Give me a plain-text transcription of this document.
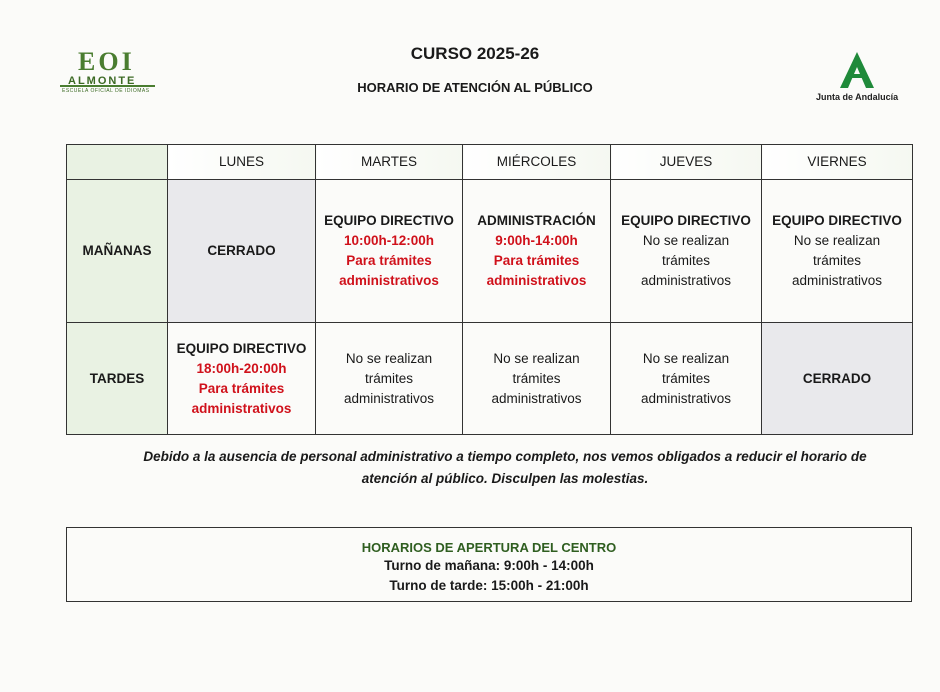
EOI
ALMONTE
ESCUELA OFICIAL DE IDIOMAS
Junta de Andalucía
CURSO 2025-26
HORARIO DE ATENCIÓN AL PÚBLICO
	LUNES	MARTES	MIÉRCOLES	JUEVES	VIERNES
MAÑANAS	CERRADO	EQUIPO DIRECTIVO
10:00h-12:00h
Para trámites
administrativos	ADMINISTRACIÓN
9:00h-14:00h
Para trámites
administrativos	EQUIPO DIRECTIVO
No se realizan
trámites
administrativos	EQUIPO DIRECTIVO
No se realizan
trámites
administrativos

TARDES	EQUIPO DIRECTIVO
18:00h-20:00h
Para trámites
administrativos	No se realizan
trámites
administrativos	No se realizan
trámites
administrativos	No se realizan
trámites
administrativos	CERRADO
Debido a la ausencia de personal administrativo a tiempo completo, nos vemos obligados a reducir el horario de
atención al público. Disculpen las molestias.
HORARIOS DE APERTURA DEL CENTRO
Turno de mañana: 9:00h - 14:00h
Turno de tarde: 15:00h - 21:00h
